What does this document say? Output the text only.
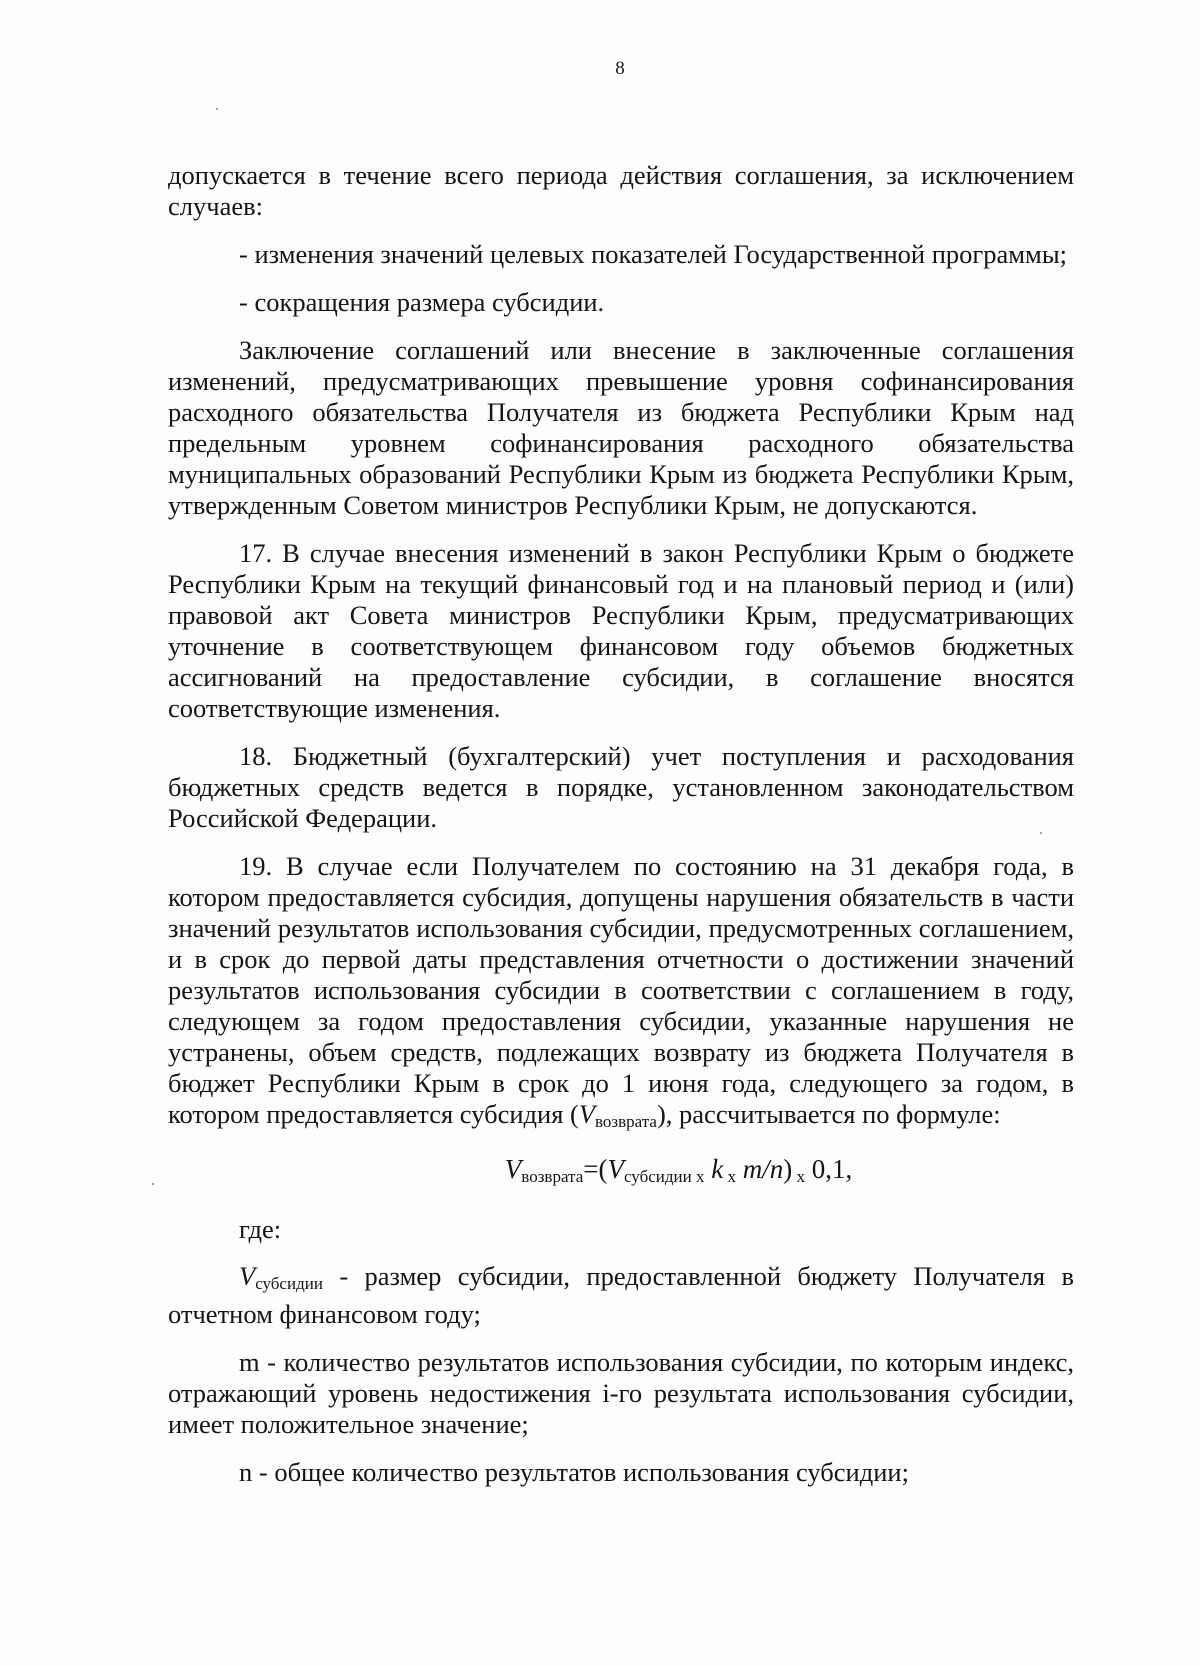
8

допускается в течение всего периода действия соглашения, за исключением случаев:

- изменения значений целевых показателей Государственной программы;

- сокращения размера субсидии.

Заключение соглашений или внесение в заключенные соглашения изменений, предусматривающих превышение уровня софинансирования расходного обязательства Получателя из бюджета Республики Крым над предельным уровнем софинансирования расходного обязательства муниципальных образований Республики Крым из бюджета Республики Крым, утвержденным Советом министров Республики Крым, не допускаются.

17. В случае внесения изменений в закон Республики Крым о бюджете Республики Крым на текущий финансовый год и на плановый период и (или) правовой акт Совета министров Республики Крым, предусматривающих уточнение в соответствующем финансовом году объемов бюджетных ассигнований на предоставление субсидии, в соглашение вносятся соответствующие изменения.

18. Бюджетный (бухгалтерский) учет поступления и расходования бюджетных средств ведется в порядке, установленном законодательством Российской Федерации.

19. В случае если Получателем по состоянию на 31 декабря года, в котором предоставляется субсидия, допущены нарушения обязательств в части значений результатов использования субсидии, предусмотренных соглашением, и в срок до первой даты представления отчетности о достижении значений результатов использования субсидии в соответствии с соглашением в году, следующем за годом предоставления субсидии, указанные нарушения не устранены, объем средств, подлежащих возврату из бюджета Получателя в бюджет Республики Крым в срок до 1 июня года, следующего за годом, в котором предоставляется субсидия (Vвозврата), рассчитывается по формуле:

$V_{возврата}=(V_{субсидии x}$ k x m/n) x 0,1,

где:

Vсубсидии - размер субсидии, предоставленной бюджету Получателя в отчетном финансовом году;

m - количество результатов использования субсидии, по которым индекс, отражающий уровень недостижения i-го результата использования субсидии, имеет положительное значение;

n - общее количество результатов использования субсидии;
